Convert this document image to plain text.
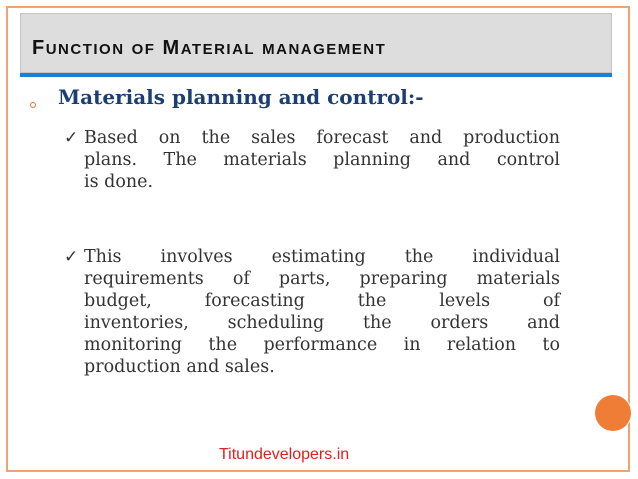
FUNCTION OF MATERIAL MANAGEMENT
Materials planning and control:-
✓ Based on the sales forecast and production
plans. The materials planning and control
is done.
✓ This involves estimating the individual
requirements of parts, preparing materials
budget, forecasting the levels of
inventories, scheduling the orders and
monitoring the performance in relation to
production and sales.
Titundevelopers.in
